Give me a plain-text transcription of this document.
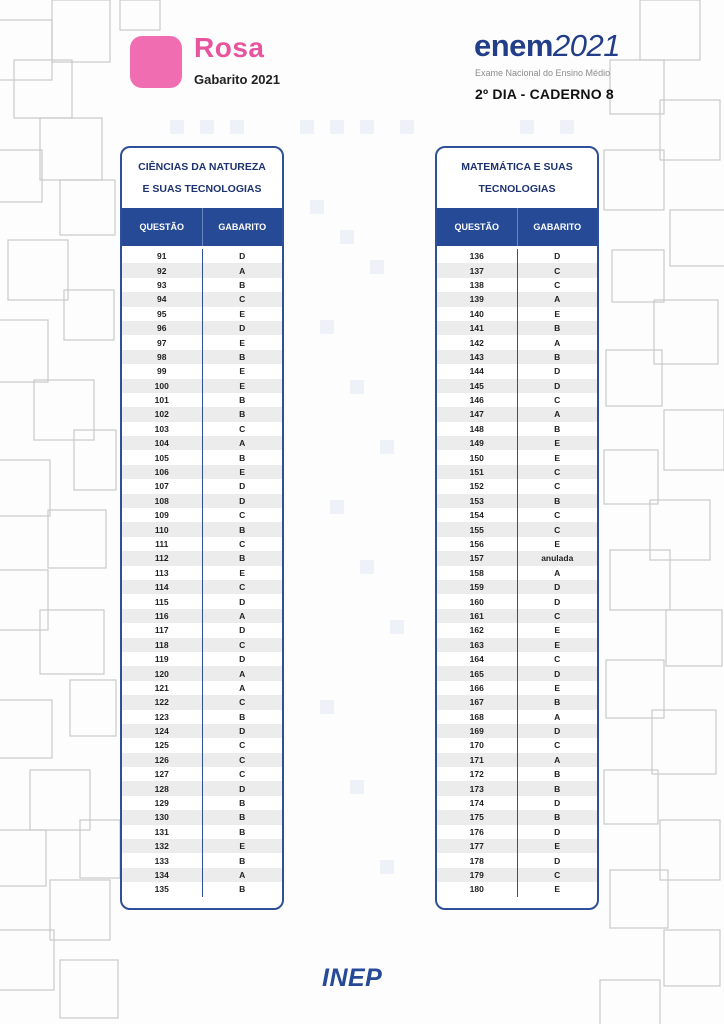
Rosa
Gabarito 2021
enem2021
Exame Nacional do Ensino Médio
2º DIA - CADERNO 8
CIÊNCIAS DA NATUREZA
E SUAS TECNOLOGIAS
QUESTÃO	GABARITO
91	D
92	A
93	B
94	C
95	E
96	D
97	E
98	B
99	E
100	E
101	B
102	B
103	C
104	A
105	B
106	E
107	D
108	D
109	C
110	B
111	C
112	B
113	E
114	C
115	D
116	A
117	D
118	C
119	D
120	A
121	A
122	C
123	B
124	D
125	C
126	C
127	C
128	D
129	B
130	B
131	B
132	E
133	B
134	A
135	B
MATEMÁTICA E SUAS
TECNOLOGIAS
QUESTÃO	GABARITO
136	D
137	C
138	C
139	A
140	E
141	B
142	A
143	B
144	D
145	D
146	C
147	A
148	B
149	E
150	E
151	C
152	C
153	B
154	C
155	C
156	E
157	anulada
158	A
159	D
160	D
161	C
162	E
163	E
164	C
165	D
166	E
167	B
168	A
169	D
170	C
171	A
172	B
173	B
174	D
175	B
176	D
177	E
178	D
179	C
180	E
INEP
